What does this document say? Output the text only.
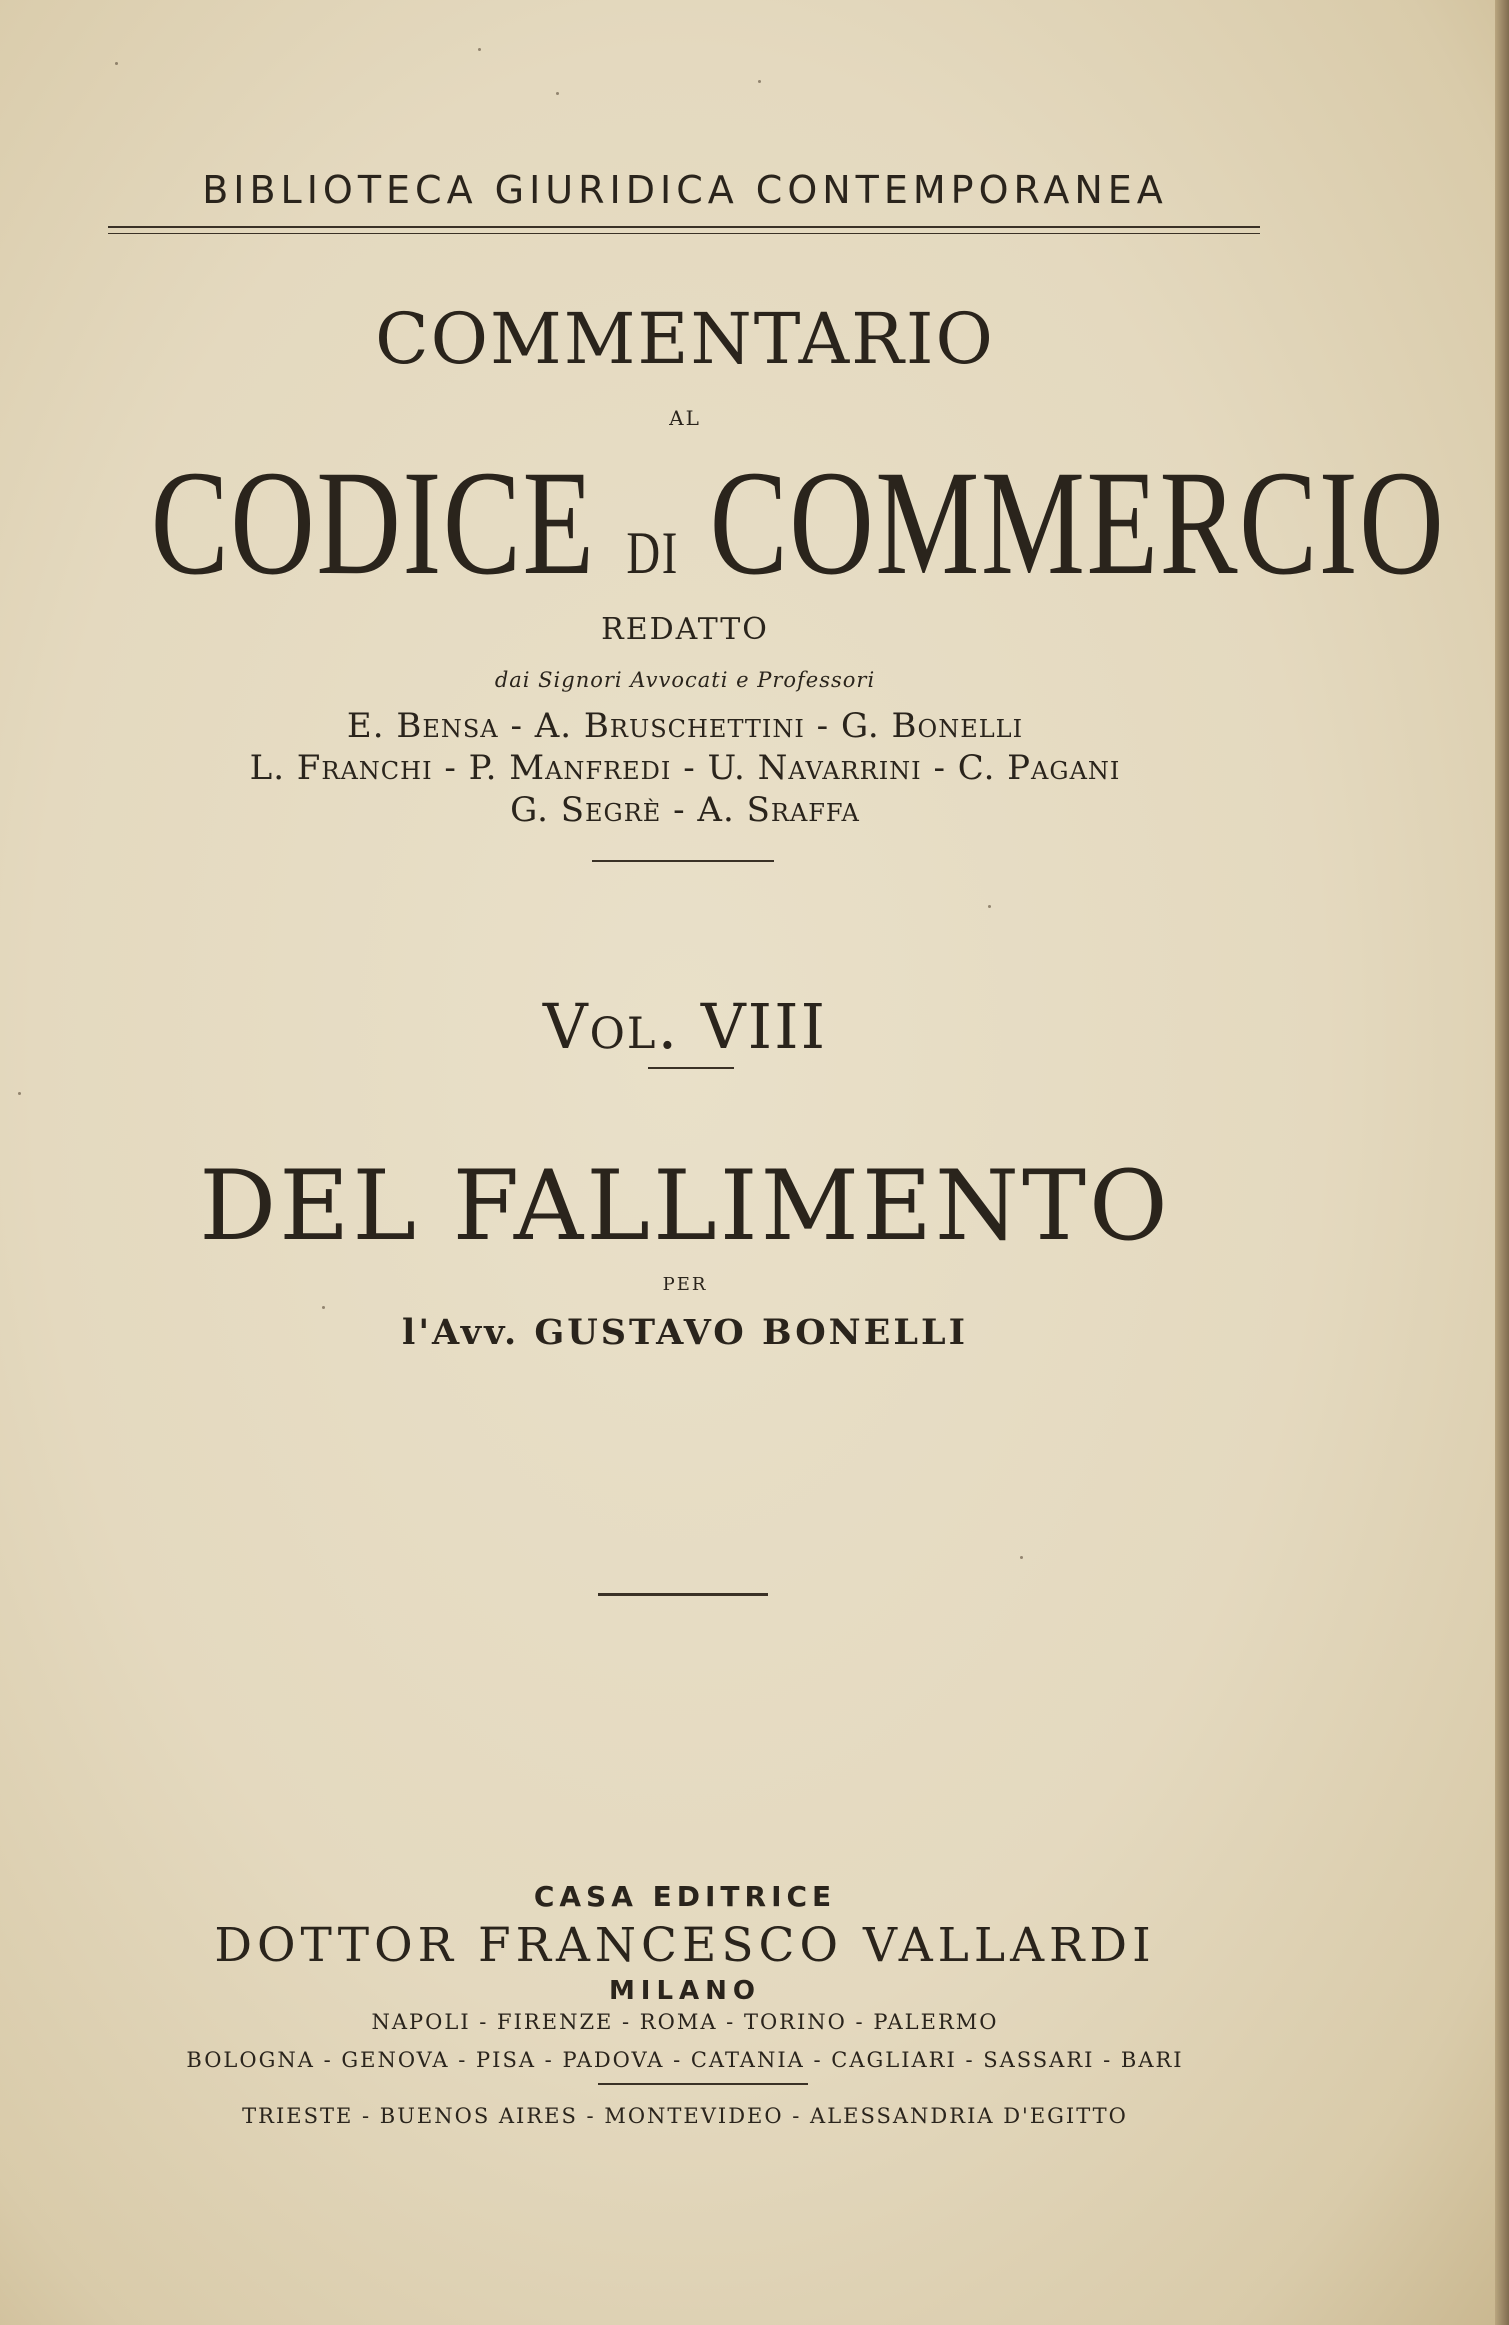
BIBLIOTECA GIURIDICA CONTEMPORANEA
COMMENTARIO
AL
CODICE DI COMMERCIO
REDATTO
dai Signori Avvocati e Professori
E. Bensa - A. Bruschettini - G. Bonelli
L. Franchi - P. Manfredi - U. Navarrini - C. Pagani
G. Segrè - A. Sraffa
Vol. VIII
DEL FALLIMENTO
PER
l'Avv. GUSTAVO BONELLI
CASA EDITRICE
DOTTOR FRANCESCO VALLARDI
MILANO
NAPOLI - FIRENZE - ROMA - TORINO - PALERMO
BOLOGNA - GENOVA - PISA - PADOVA - CATANIA - CAGLIARI - SASSARI - BARI
TRIESTE - BUENOS AIRES - MONTEVIDEO - ALESSANDRIA D'EGITTO
